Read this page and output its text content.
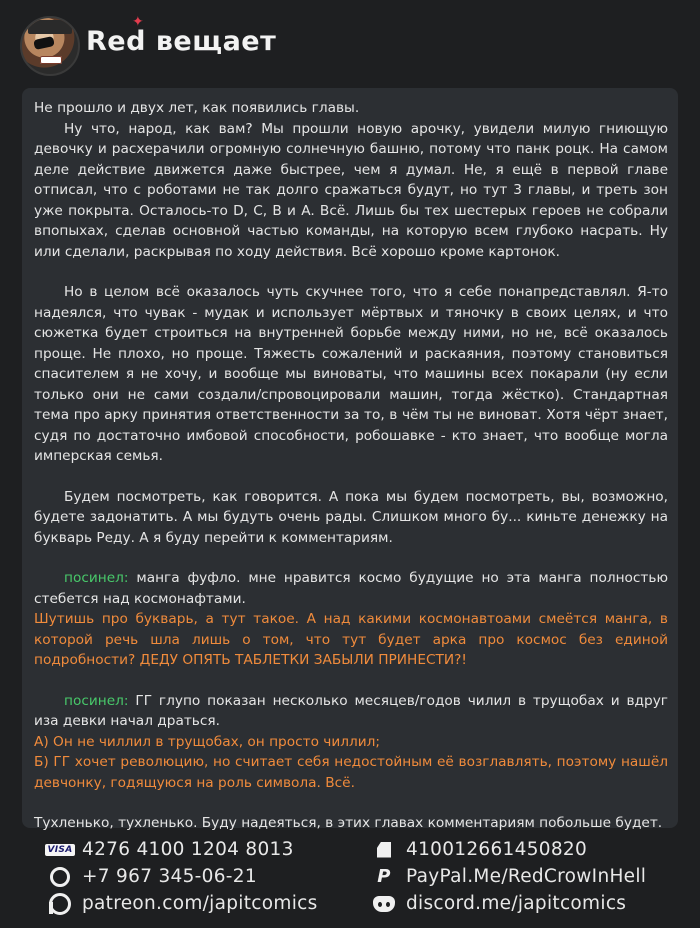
Red вещает
✦

Не прошло и двух лет, как появились главы.

Ну что, народ, как вам? Мы прошли новую арочку, увидели милую гниющую девочку и расхерачили огромную солнечную башню, потому что панк роцк. На самом деле действие движется даже быстрее, чем я думал. Не, я ещё в первой главе отписал, что с роботами не так долго сражаться будут, но тут 3 главы, и треть зон уже покрыта. Осталось-то D, C, B и A. Всё. Лишь бы тех шестерых героев не собрали впопыхах, сделав основной частью команды, на которую всем глубоко насрать. Ну или сделали, раскрывая по ходу действия. Всё хорошо кроме картонок.

Но в целом всё оказалось чуть скучнее того, что я себе понапредставлял. Я-то надеялся, что чувак - мудак и использует мёртвых и тяночку в своих целях, и что сюжетка будет строиться на внутренней борьбе между ними, но не, всё оказалось проще. Не плохо, но проще. Тяжесть сожалений и раскаяния, поэтому становиться спасителем я не хочу, и вообще мы виноваты, что машины всех покарали (ну если только они не сами создали/спровоцировали машин, тогда жёстко). Стандартная тема про арку принятия ответственности за то, в чём ты не виноват. Хотя чёрт знает, судя по достаточно имбовой способности, робошавке - кто знает, что вообще могла имперская семья.

Будем посмотреть, как говорится. А пока мы будем посмотреть, вы, возможно, будете задонатить. А мы будуть очень рады. Слишком много бу... киньте денежку на букварь Реду. А я буду перейти к комментариям.

посинел: манга фуфло. мне нравится космо будущие но эта манга полностью стебется над космонафтами.

Шутишь про букварь, а тут такое. А над какими космонавтоами смеётся манга, в которой речь шла лишь о том, что тут будет арка про космос без единой подробности? ДЕДУ ОПЯТЬ ТАБЛЕТКИ ЗАБЫЛИ ПРИНЕСТИ?!

посинел: ГГ глупо показан несколько месяцев/годов чилил в трущобах и вдруг иза девки начал драться.

А) Он не чиллил в трущобах, он просто чиллил;

Б) ГГ хочет революцию, но считает себя недостойным её возглавлять, поэтому нашёл девчонку, годящуюся на роль символа. Всё.

Тухленько, тухленько. Буду надеяться, в этих главах комментариям побольше будет.

VISA 4276 4100 1204 8013
+7 967 345-06-21
patreon.com/japitcomics
410012661450820
P PayPal.Me/RedCrowInHell
discord.me/japitcomics
